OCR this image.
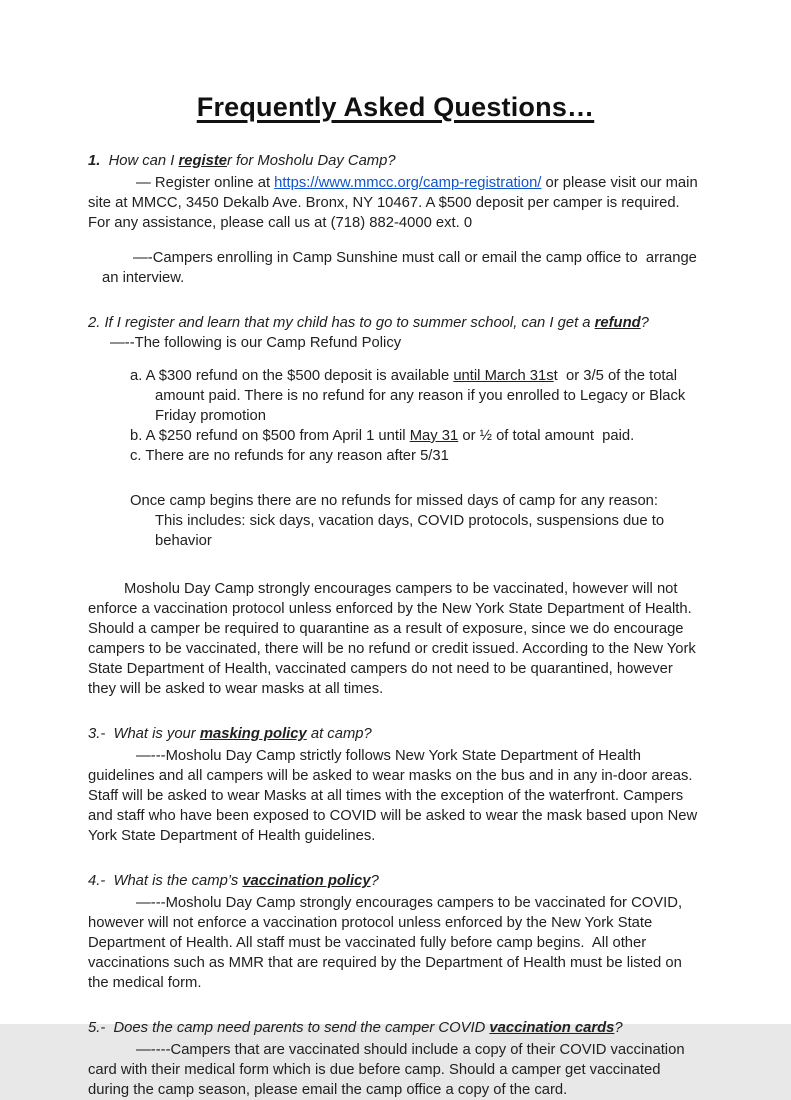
Frequently Asked Questions…

1.  How can I register for Mosholu Day Camp?

— Register online at https://www.mmcc.org/camp-registration/ or please visit our main site at MMCC, 3450 Dekalb Ave. Bronx, NY 10467. A $500 deposit per camper is required. For any assistance, please call us at (718) 882-4000 ext. 0

—-Campers enrolling in Camp Sunshine must call or email the camp office to  arrange an interview.

2. If I register and learn that my child has to go to summer school, can I get a refund?

—--The following is our Camp Refund Policy

a. A $300 refund on the $500 deposit is available until March 31st  or 3/5 of the total amount paid. There is no refund for any reason if you enrolled to Legacy or Black Friday promotion

b. A $250 refund on $500 from April 1 until May 31 or ½ of total amount  paid.

c. There are no refunds for any reason after 5/31

Once camp begins there are no refunds for missed days of camp for any reason:

This includes: sick days, vacation days, COVID protocols, suspensions due to behavior

Mosholu Day Camp strongly encourages campers to be vaccinated, however will not enforce a vaccination protocol unless enforced by the New York State Department of Health. Should a camper be required to quarantine as a result of exposure, since we do encourage campers to be vaccinated, there will be no refund or credit issued. According to the New York State Department of Health, vaccinated campers do not need to be quarantined, however they will be asked to wear masks at all times.

3.-  What is your masking policy at camp?

—---Mosholu Day Camp strictly follows New York State Department of Health guidelines and all campers will be asked to wear masks on the bus and in any in-door areas. Staff will be asked to wear Masks at all times with the exception of the waterfront. Campers and staff who have been exposed to COVID will be asked to wear the mask based upon New York State Department of Health guidelines.

4.-  What is the camp’s vaccination policy?

—---Mosholu Day Camp strongly encourages campers to be vaccinated for COVID, however will not enforce a vaccination protocol unless enforced by the New York State Department of Health. All staff must be vaccinated fully before camp begins.  All other vaccinations such as MMR that are required by the Department of Health must be listed on the medical form.

5.-  Does the camp need parents to send the camper COVID vaccination cards?

—----Campers that are vaccinated should include a copy of their COVID vaccination card with their medical form which is due before camp. Should a camper get vaccinated during the camp season, please email the camp office a copy of the card.
